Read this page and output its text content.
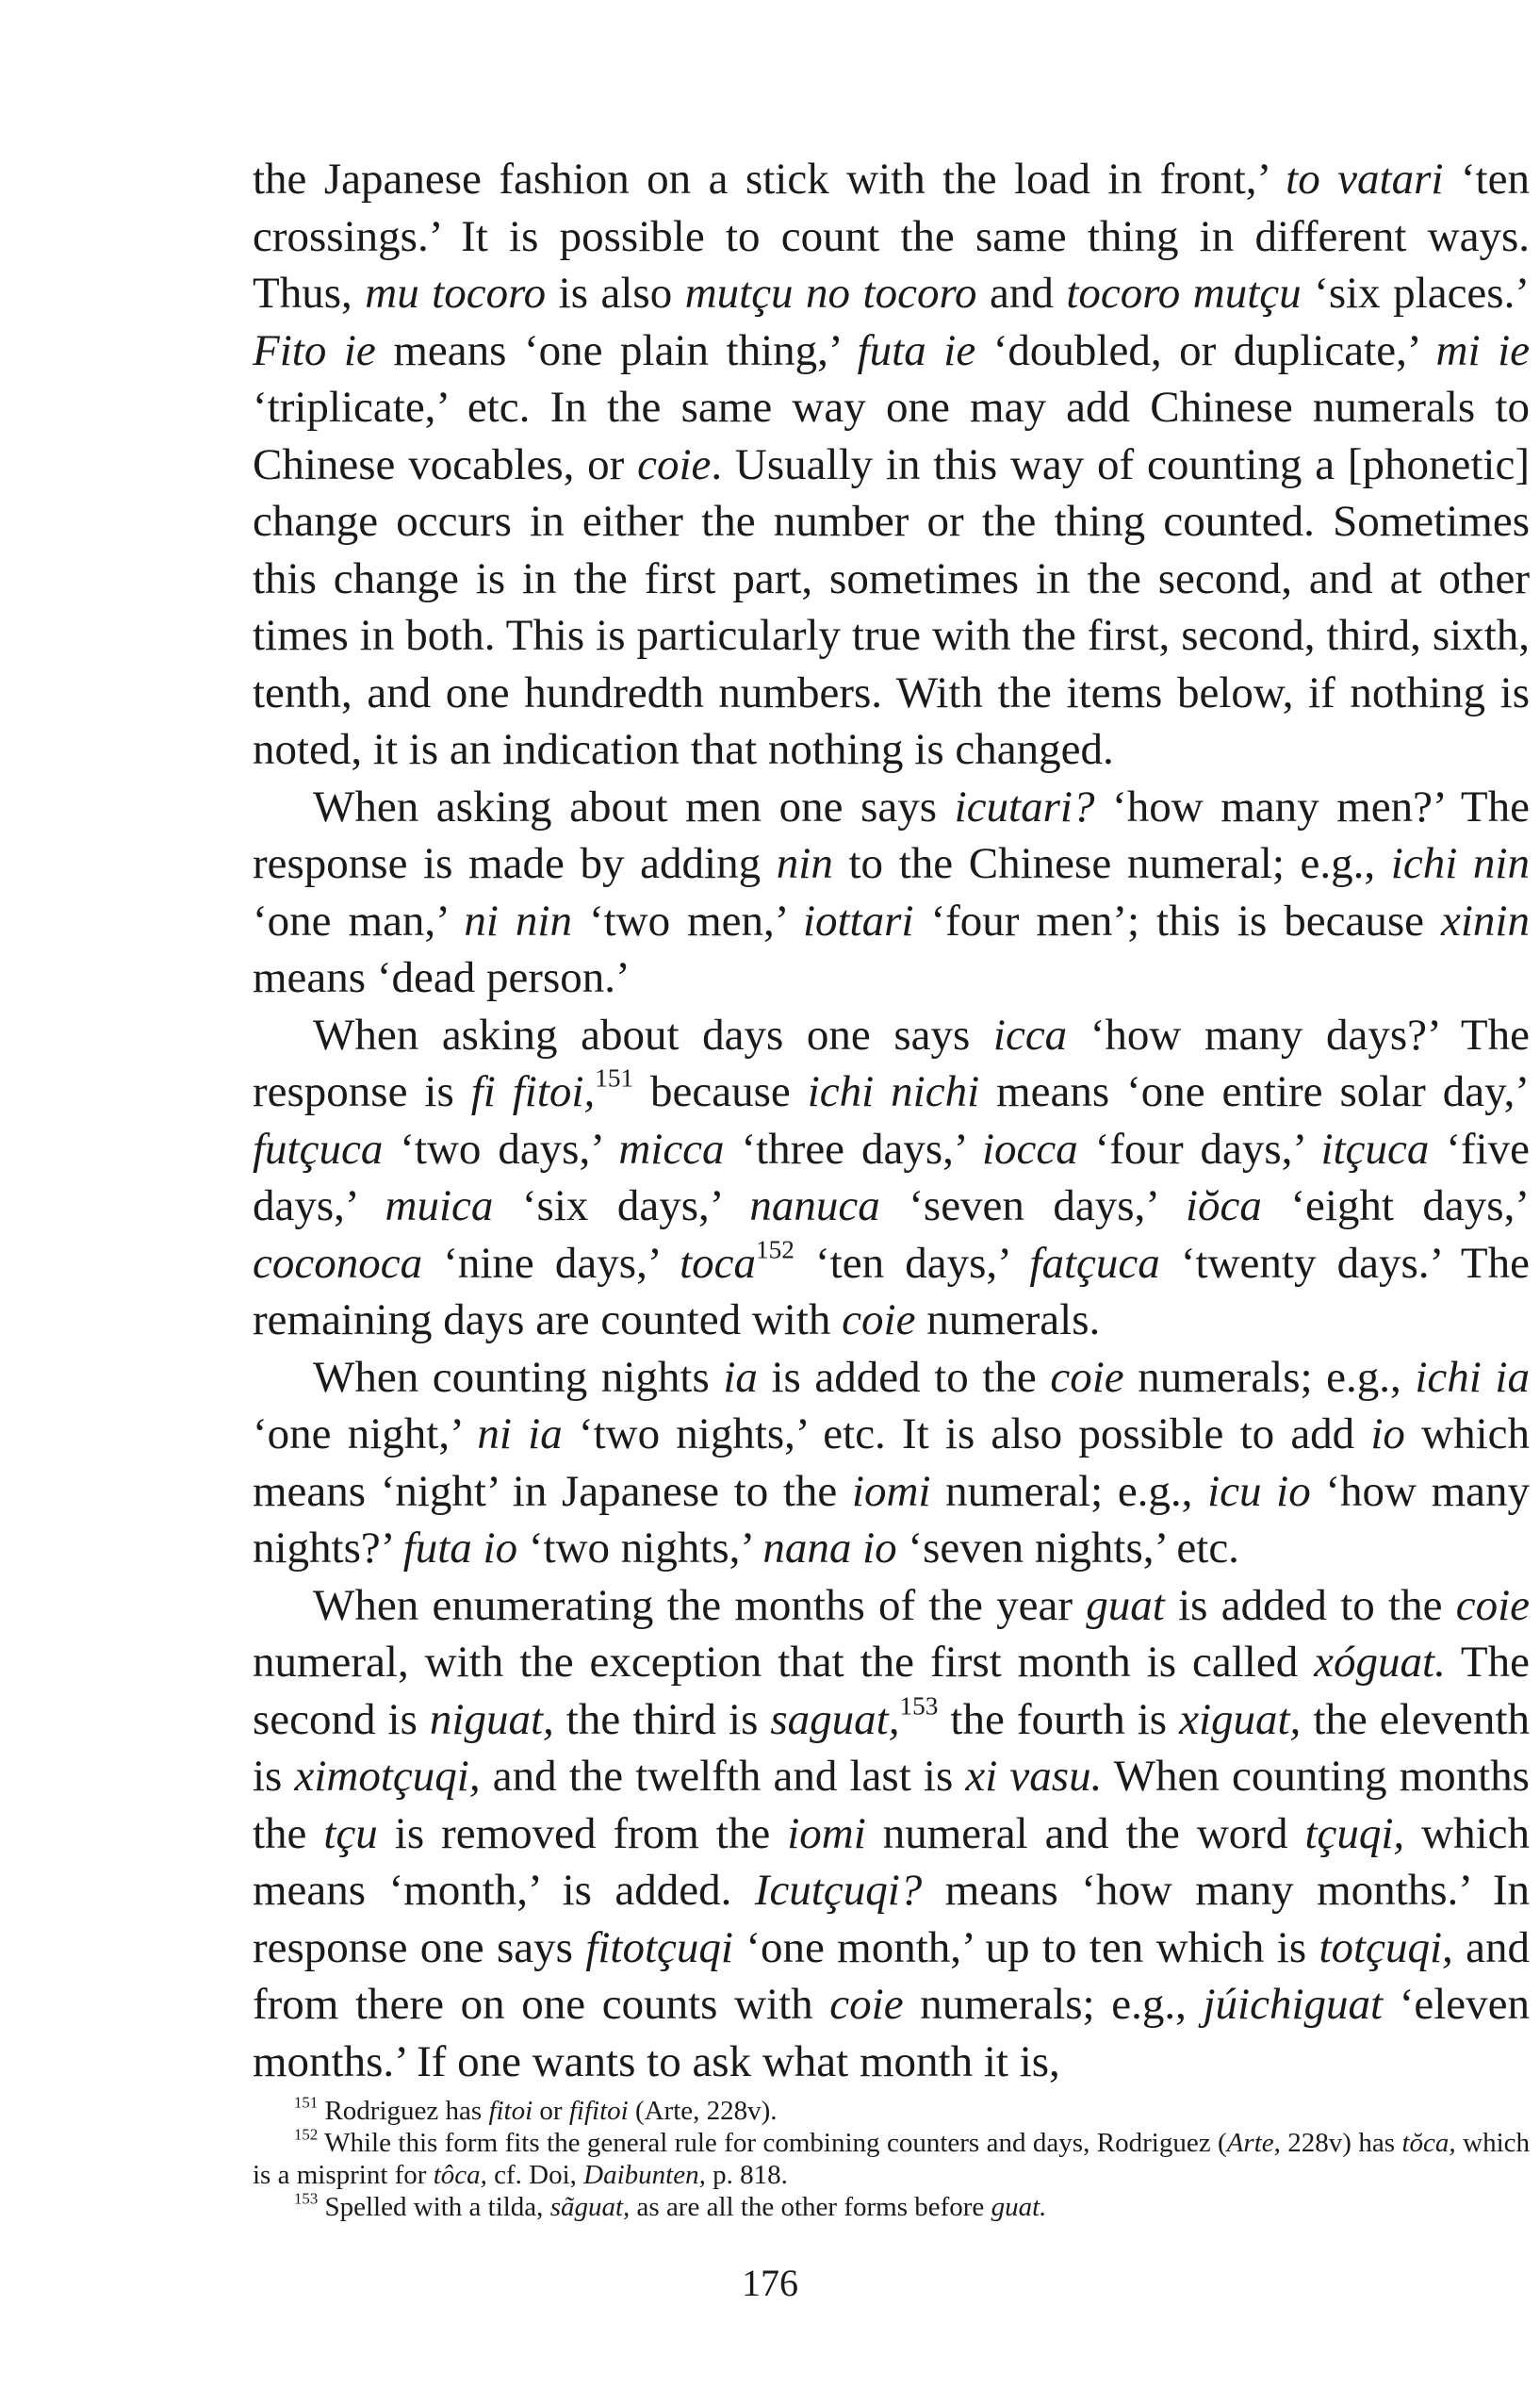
the Japanese fashion on a stick with the load in front,’ to vatari ‘ten crossings.’ It is possible to count the same thing in different ways. Thus, mu tocoro is also mutçu no tocoro and tocoro mutçu ‘six places.’ Fito ie means ‘one plain thing,’ futa ie ‘doubled, or duplicate,’ mi ie ‘triplicate,’ etc. In the same way one may add Chinese numerals to Chinese vocables, or coie. Usually in this way of counting a [phonetic] change occurs in either the number or the thing counted. Sometimes this change is in the first part, sometimes in the second, and at other times in both. This is particularly true with the first, second, third, sixth, tenth, and one hundredth numbers. With the items below, if nothing is noted, it is an indication that nothing is changed.

When asking about men one says icutari? ‘how many men?’ The response is made by adding nin to the Chinese numeral; e.g., ichi nin ‘one man,’ ni nin ‘two men,’ iottari ‘four men’; this is because xinin means ‘dead person.’

When asking about days one says icca ‘how many days?’ The response is fi fitoi,$^{151}$ because ichi nichi means ‘one entire solar day,’ futçuca ‘two days,’ micca ‘three days,’ iocca ‘four days,’ itçuca ‘five days,’ muica ‘six days,’ nanuca ‘seven days,’ iŏca ‘eight days,’ coconoca ‘nine days,’ toca$^{152}$ ‘ten days,’ fatçuca ‘twenty days.’ The remaining days are counted with coie numerals.

When counting nights ia is added to the coie numerals; e.g., ichi ia ‘one night,’ ni ia ‘two nights,’ etc. It is also possible to add io which means ‘night’ in Japanese to the iomi numeral; e.g., icu io ‘how many nights?’ futa io ‘two nights,’ nana io ‘seven nights,’ etc.

When enumerating the months of the year guat is added to the coie numeral, with the exception that the first month is called xóguat. The second is niguat, the third is saguat,$^{153}$ the fourth is xiguat, the eleventh is ximotçuqi, and the twelfth and last is xi vasu. When counting months the tçu is removed from the iomi numeral and the word tçuqi, which means ‘month,’ is added. Icutçuqi? means ‘how many months.’ In response one says fitotçuqi ‘one month,’ up to ten which is totçuqi, and from there on one counts with coie numerals; e.g., júichiguat ‘eleven months.’ If one wants to ask what month it is,

$^{151}$ Rodriguez has fitoi or fifitoi (Arte, 228v).

$^{152}$ While this form fits the general rule for combining counters and days, Rodriguez (Arte, 228v) has tŏca, which is a misprint for tôca, cf. Doi, Daibunten, p. 818.

$^{153}$ Spelled with a tilda, sãguat, as are all the other forms before guat.

176
